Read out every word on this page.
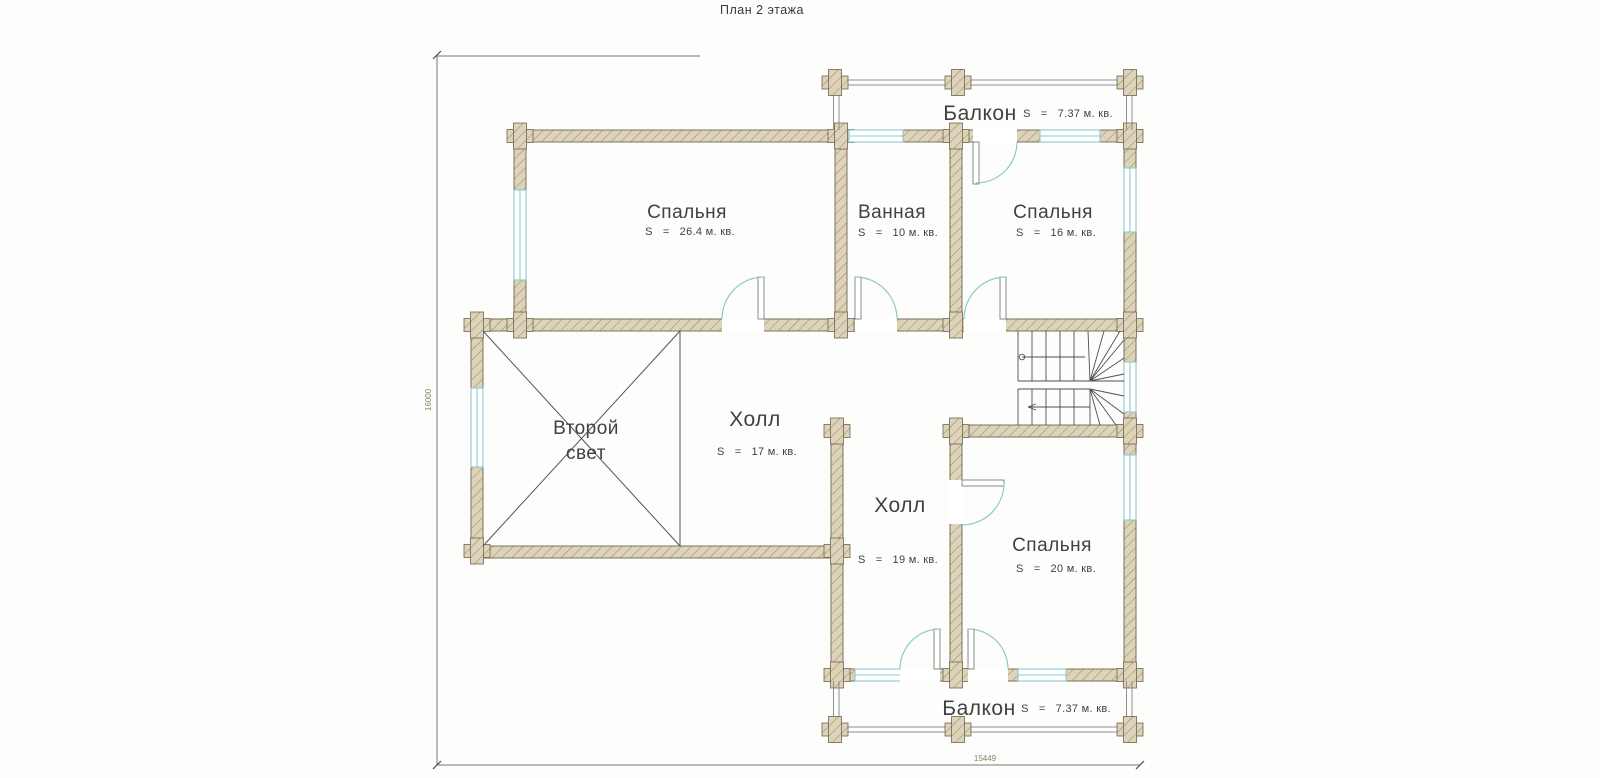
16000
15449
План 2 этажа
Спальня
S   =   26.4 м. кв.
Ванная
S   =   10 м. кв.
Спальня
S   =   16 м. кв.
Второй
свет
Холл
S   =   17 м. кв.
Холл
S   =   19 м. кв.
Спальня
S   =   20 м. кв.
Балкон S   =   7.37 м. кв.
Балкон S   =   7.37 м. кв.
